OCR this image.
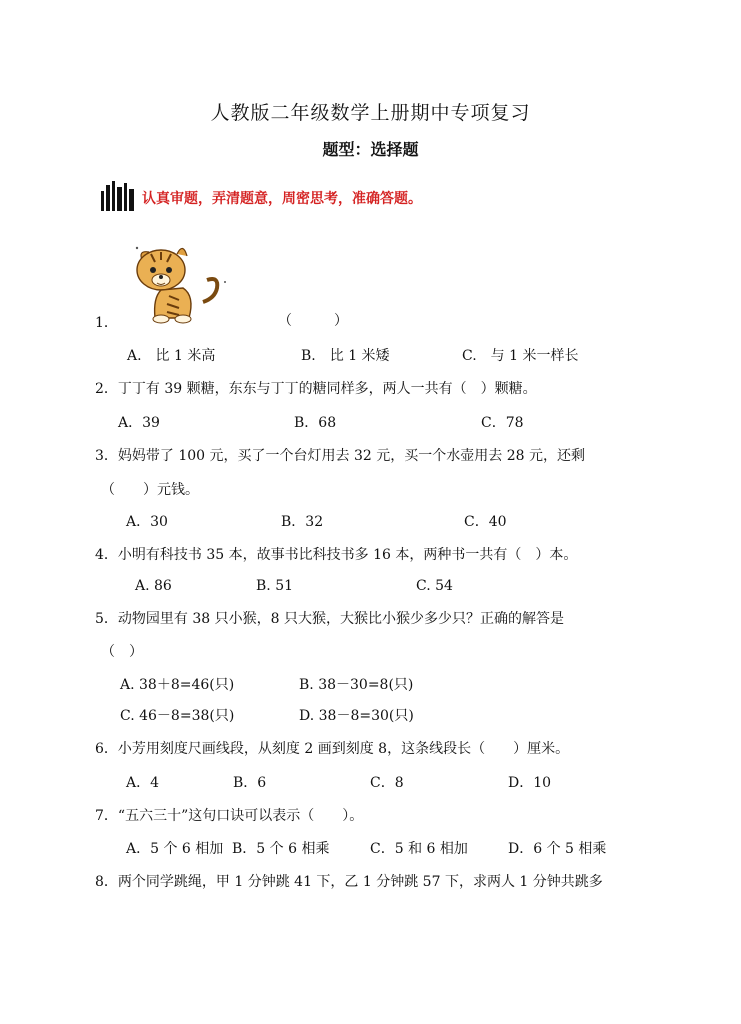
人教版二年级数学上册期中专项复习
题型：选择题
认真审题，弄清题意，周密思考，准确答题。
1．	（　　　）
A.　比 1 米高	B.　比 1 米矮	C.　与 1 米一样长
2．丁丁有 39 颗糖，东东与丁丁的糖同样多，两人一共有（　）颗糖。
A．39	B．68	C．78
3．妈妈带了 100 元，买了一个台灯用去 32 元，买一个水壶用去 28 元，还剩
（　　）元钱。
A．30	B．32	C．40
4．小明有科技书 35 本，故事书比科技书多 16 本，两种书一共有（　）本。
A. 86	B. 51	C. 54
5．动物园里有 38 只小猴，8 只大猴，大猴比小猴少多少只？正确的解答是
（　）
A. 38＋8=46(只)	B. 38－30=8(只)
C. 46－8=38(只)	D. 38－8=30(只)
6．小芳用刻度尺画线段，从刻度 2 画到刻度 8，这条线段长（　　）厘米。
A．4	B．6	C．8	D．10
7．“五六三十”这句口诀可以表示（　　）。
A．5 个 6 相加 B．5 个 6 相乘	C．5 和 6 相加	D．6 个 5 相乘
8．两个同学跳绳，甲 1 分钟跳 41 下，乙 1 分钟跳 57 下，求两人 1 分钟共跳多
